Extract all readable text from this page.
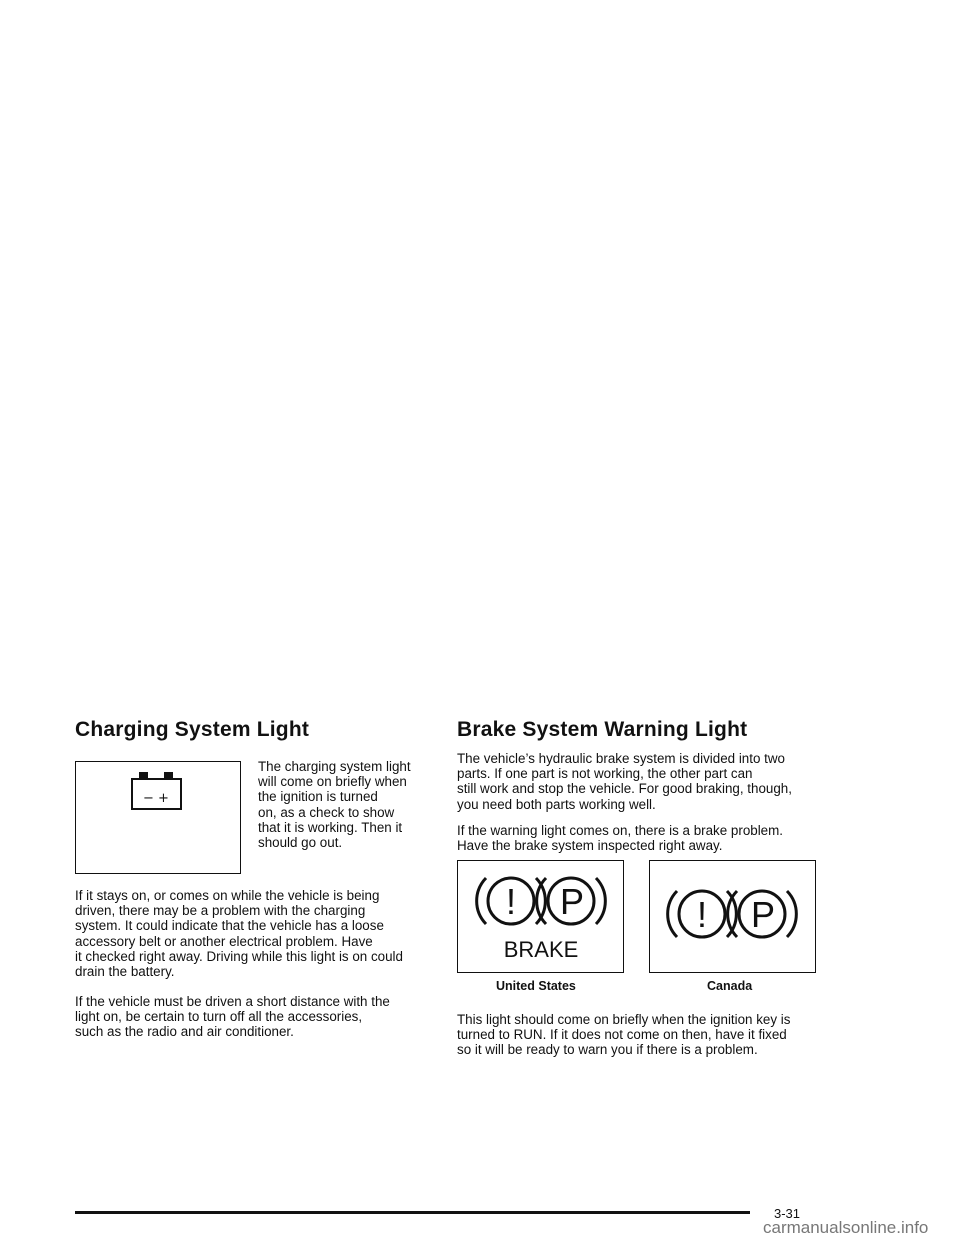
Charging System Light
− +
The charging system light
will come on briefly when
the ignition is turned
on, as a check to show
that it is working. Then it
should go out.
If it stays on, or comes on while the vehicle is being
driven, there may be a problem with the charging
system. It could indicate that the vehicle has a loose
accessory belt or another electrical problem. Have
it checked right away. Driving while this light is on could
drain the battery.
If the vehicle must be driven a short distance with the
light on, be certain to turn off all the accessories,
such as the radio and air conditioner.
Brake System Warning Light
The vehicle’s hydraulic brake system is divided into two
parts. If one part is not working, the other part can
still work and stop the vehicle. For good braking, though,
you need both parts working well.
If the warning light comes on, there is a brake problem.
Have the brake system inspected right away.
! P
BRAKE
! P
United States	Canada
This light should come on briefly when the ignition key is
turned to RUN. If it does not come on then, have it fixed
so it will be ready to warn you if there is a problem.
3-31
carmanualsonline.info
